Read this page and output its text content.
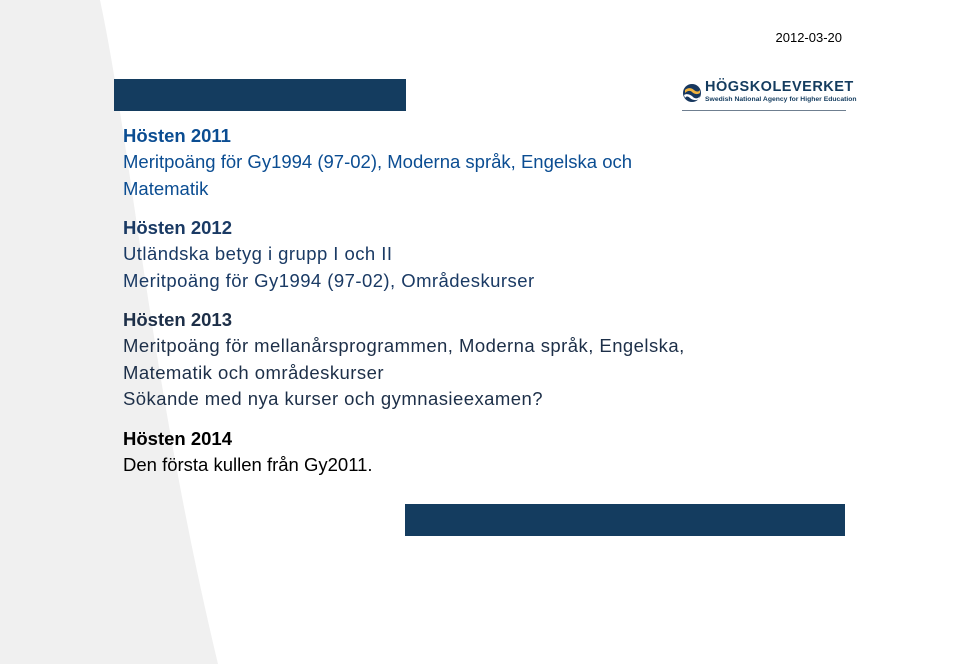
2012-03-20
HÖGSKOLEVERKET
Swedish National Agency for Higher Education
Hösten 2011
Meritpoäng för Gy1994 (97-02), Moderna språk, Engelska och
Matematik
Hösten 2012
Utländska betyg i grupp I och II
Meritpoäng för Gy1994 (97-02), Områdeskurser
Hösten 2013
Meritpoäng för mellanårsprogrammen, Moderna språk, Engelska,
Matematik och områdeskurser
Sökande med nya kurser och gymnasieexamen?
Hösten 2014
Den första kullen från Gy2011.
